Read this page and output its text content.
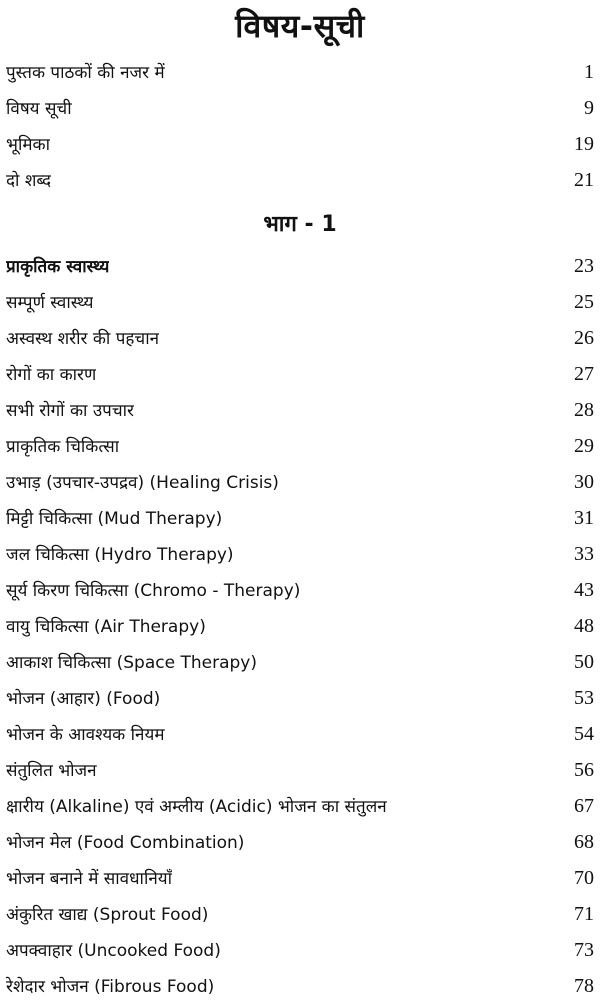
विषय-सूची
पुस्तक पाठकों की नजर में	1
विषय सूची	9
भूमिका	19
दो शब्द	21
भाग - 1
प्राकृतिक स्वास्थ्य	23
सम्पूर्ण स्वास्थ्य	25
अस्वस्थ शरीर की पहचान	26
रोगों का कारण	27
सभी रोगों का उपचार	28
प्राकृतिक चिकित्सा	29
उभाड़ (उपचार-उपद्रव) (Healing Crisis)	30
मिट्टी चिकित्सा (Mud Therapy)	31
जल चिकित्सा (Hydro Therapy)	33
सूर्य किरण चिकित्सा (Chromo - Therapy)	43
वायु चिकित्सा (Air Therapy)	48
आकाश चिकित्सा (Space Therapy)	50
भोजन (आहार) (Food)	53
भोजन के आवश्यक नियम	54
संतुलित भोजन	56
क्षारीय (Alkaline) एवं अम्लीय (Acidic) भोजन का संतुलन	67
भोजन मेल (Food Combination)	68
भोजन बनाने में सावधानियाँ	70
अंकुरित खाद्य (Sprout Food)	71
अपक्वाहार (Uncooked Food)	73
रेशेदार भोजन (Fibrous Food)	78
